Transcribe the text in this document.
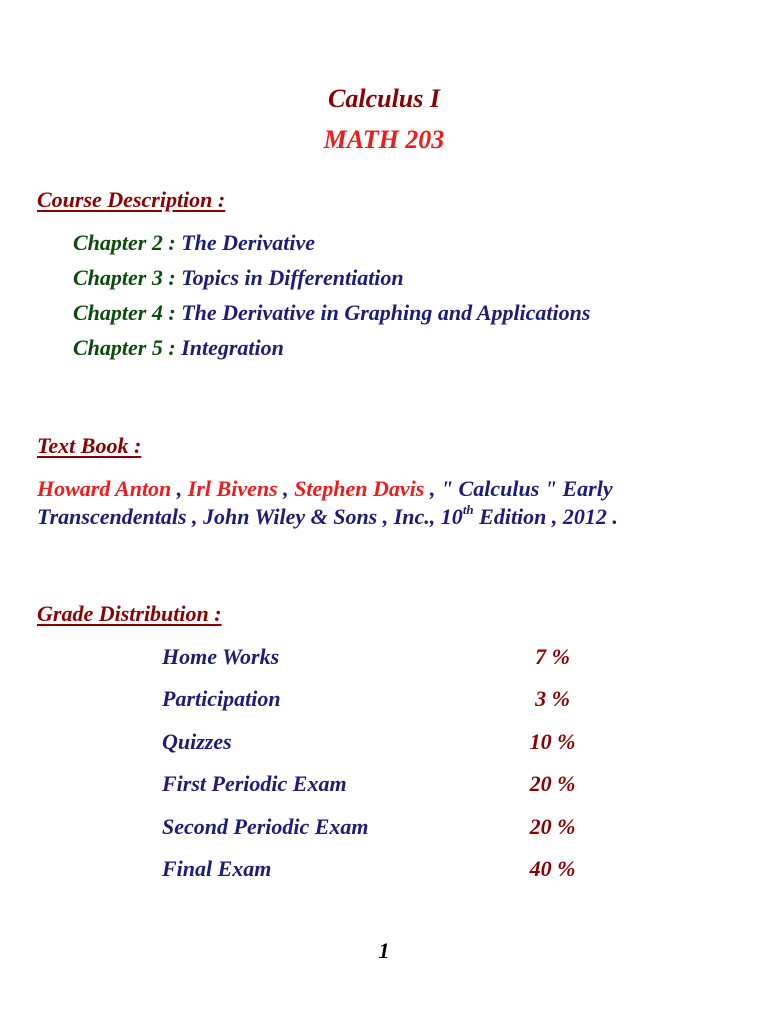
Calculus I
MATH 203
Course Description :
Chapter 2 : The Derivative
Chapter 3 : Topics in Differentiation
Chapter 4 : The Derivative in Graphing and Applications
Chapter 5 : Integration
Text Book :
Howard Anton , Irl Bivens , Stephen Davis , " Calculus " Early
Transcendentals , John Wiley & Sons , Inc., 10th Edition , 2012 .
Grade Distribution :
Home Works	7 %
Participation	3 %
Quizzes	10 %
First Periodic Exam	20 %
Second Periodic Exam	20 %
Final Exam	40 %
1
